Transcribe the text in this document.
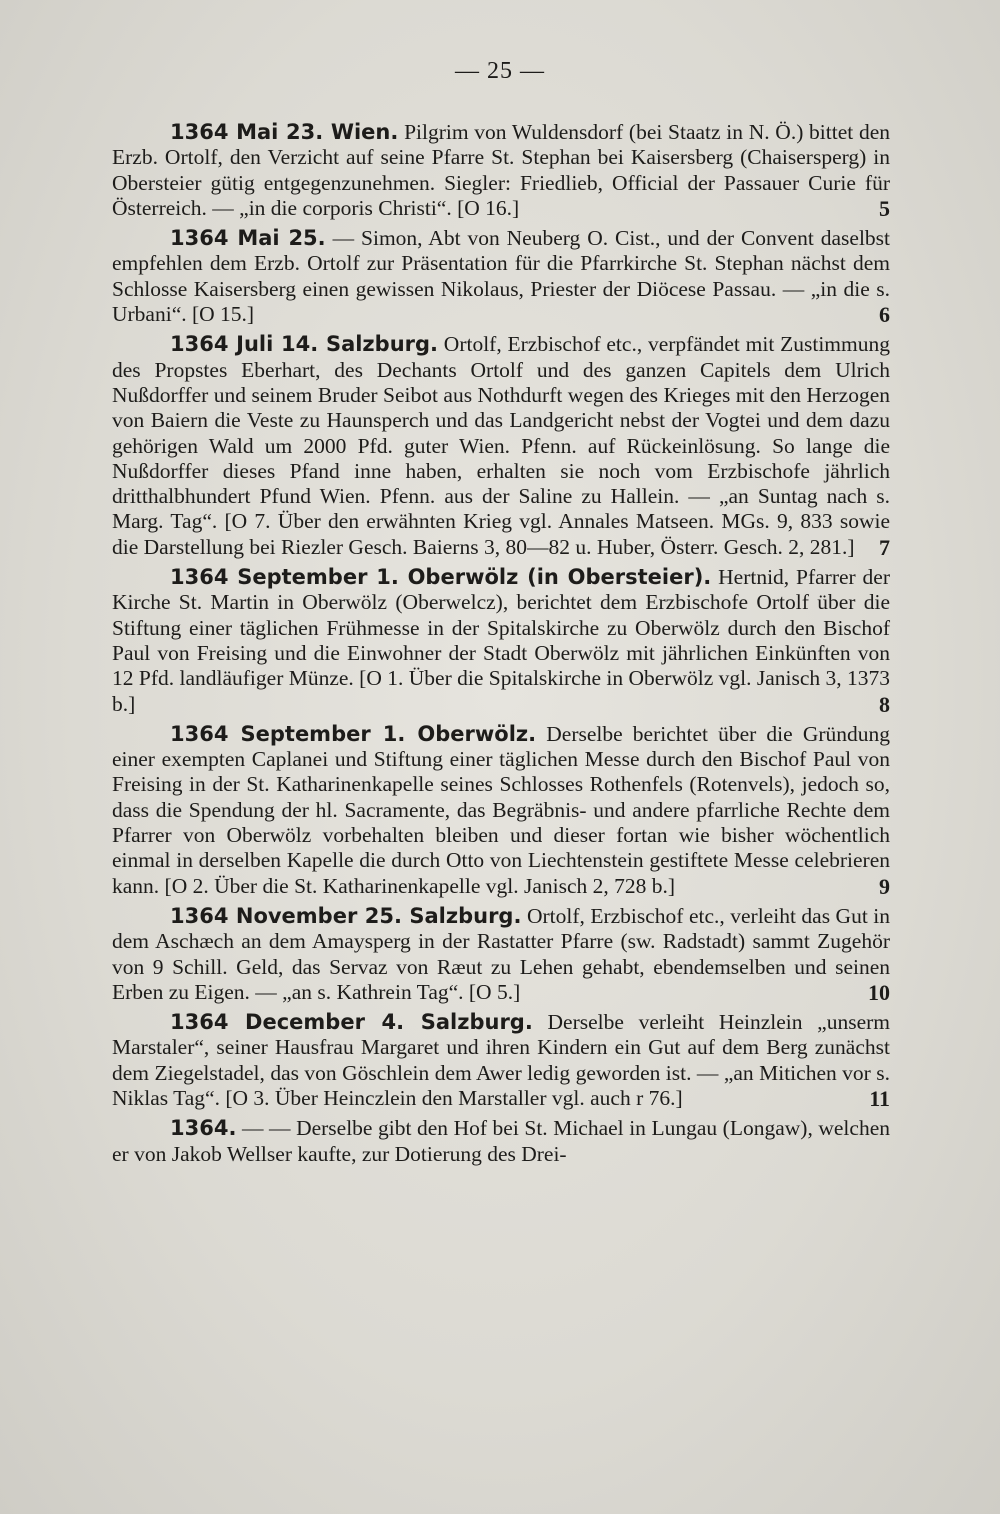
— 25 —

1364 Mai 23. Wien. Pilgrim von Wuldensdorf (bei Staatz in N. Ö.) bittet den Erzb. Ortolf, den Verzicht auf seine Pfarre St. Stephan bei Kaisersberg (Chaisersperg) in Obersteier gütig entgegenzunehmen. Siegler: Friedlieb, Official der Passauer Curie für Österreich. — „in die corporis Christi“. [O 16.]	5

1364 Mai 25. — Simon, Abt von Neuberg O. Cist., und der Convent daselbst empfehlen dem Erzb. Ortolf zur Präsentation für die Pfarrkirche St. Stephan nächst dem Schlosse Kaisersberg einen gewissen Nikolaus, Priester der Diöcese Passau. — „in die s. Urbani“. [O 15.]	6

1364 Juli 14. Salzburg. Ortolf, Erzbischof etc., verpfändet mit Zustimmung des Propstes Eberhart, des Dechants Ortolf und des ganzen Capitels dem Ulrich Nußdorffer und seinem Bruder Seibot aus Nothdurft wegen des Krieges mit den Herzogen von Baiern die Veste zu Haunsperch und das Landgericht nebst der Vogtei und dem dazu gehörigen Wald um 2000 Pfd. guter Wien. Pfenn. auf Rückeinlösung. So lange die Nußdorffer dieses Pfand inne haben, erhalten sie noch vom Erzbischofe jährlich dritthalbhundert Pfund Wien. Pfenn. aus der Saline zu Hallein. — „an Suntag nach s. Marg. Tag“. [O 7. Über den erwähnten Krieg vgl. Annales Matseen. MGs. 9, 833 sowie die Darstellung bei Riezler Gesch. Baierns 3, 80—82 u. Huber, Österr. Gesch. 2, 281.] 7

1364 September 1. Oberwölz (in Obersteier). Hertnid, Pfarrer der Kirche St. Martin in Oberwölz (Oberwelcz), berichtet dem Erzbischofe Ortolf über die Stiftung einer täglichen Frühmesse in der Spitalskirche zu Oberwölz durch den Bischof Paul von Freising und die Einwohner der Stadt Oberwölz mit jährlichen Einkünften von 12 Pfd. landläufiger Münze. [O 1. Über die Spitalskirche in Oberwölz vgl. Janisch 3, 1373 b.]	8

1364 September 1. Oberwölz. Derselbe berichtet über die Gründung einer exempten Caplanei und Stiftung einer täglichen Messe durch den Bischof Paul von Freising in der St. Katharinenkapelle seines Schlosses Rothenfels (Rotenvels), jedoch so, dass die Spendung der hl. Sacramente, das Begräbnis- und andere pfarrliche Rechte dem Pfarrer von Oberwölz vorbehalten bleiben und dieser fortan wie bisher wöchentlich einmal in derselben Kapelle die durch Otto von Liechtenstein gestiftete Messe celebrieren kann. [O 2. Über die St. Katharinenkapelle vgl. Janisch 2, 728 b.]	9

1364 November 25. Salzburg. Ortolf, Erzbischof etc., verleiht das Gut in dem Aschæch an dem Amaysperg in der Rastatter Pfarre (sw. Radstadt) sammt Zugehör von 9 Schill. Geld, das Servaz von Ræut zu Lehen gehabt, ebendemselben und seinen Erben zu Eigen. — „an s. Kathrein Tag“. [O 5.]	10

1364 December 4. Salzburg. Derselbe verleiht Heinzlein „unserm Marstaler“, seiner Hausfrau Margaret und ihren Kindern ein Gut auf dem Berg zunächst dem Ziegelstadel, das von Göschlein dem Awer ledig geworden ist. — „an Mitichen vor s. Niklas Tag“. [O 3. Über Heinczlein den Marstaller vgl. auch r 76.]	11

1364. — — Derselbe gibt den Hof bei St. Michael in Lungau (Longaw), welchen er von Jakob Wellser kaufte, zur Dotierung des Drei-
